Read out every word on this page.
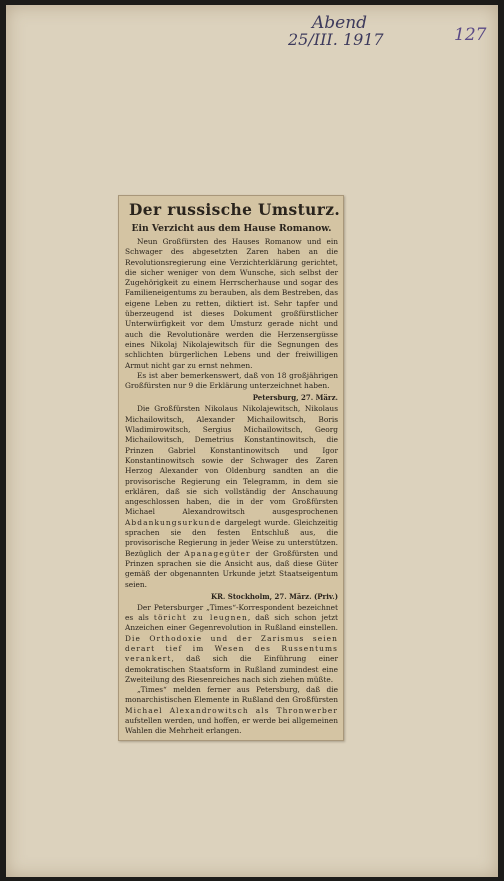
Abend
25/III. 1917	127
Der russische Umsturz.
Ein Verzicht aus dem Hause Romanow.

Neun Großfürsten des Hauses Romanow und ein Schwager des abgesetzten Zaren haben an die Revolutionsregierung eine Verzichterklärung gerichtet, die sicher weniger von dem Wunsche, sich selbst der Zugehörigkeit zu einem Herrscherhause und sogar des Familieneigentums zu berauben, als dem Bestreben, das eigene Leben zu retten, diktiert ist. Sehr tapfer und überzeugend ist dieses Dokument großfürstlicher Unterwürfigkeit vor dem Umsturz gerade nicht und auch die Revolutionäre werden die Herzensergüsse eines Nikolaj Nikolajewitsch für die Segnungen des schlichten bürgerlichen Lebens und der freiwilligen Armut nicht gar zu ernst nehmen.

Es ist aber bemerkenswert, daß von 18 großjährigen Großfürsten nur 9 die Erklärung unterzeichnet haben.

Petersburg, 27. März.

Die Großfürsten Nikolaus Nikolajewitsch, Nikolaus Michailowitsch, Alexander Michailowitsch, Boris Wladimirowitsch, Sergius Michailowitsch, Georg Michailowitsch, Demetrius Konstantinowitsch, die Prinzen Gabriel Konstantinowitsch und Igor Konstantinowitsch sowie der Schwager des Zaren Herzog Alexander von Oldenburg sandten an die provisorische Regierung ein Telegramm, in dem sie erklären, daß sie sich vollständig der Anschauung angeschlossen haben, die in der vom Großfürsten Michael Alexandrowitsch ausgesprochenen Abdankungsurkunde dargelegt wurde. Gleichzeitig sprachen sie den festen Entschluß aus, die provisorische Regierung in jeder Weise zu unterstützen. Bezüglich der Apanagegüter der Großfürsten und Prinzen sprachen sie die Ansicht aus, daß diese Güter gemäß der obgenannten Urkunde jetzt Staatseigentum seien.

KR. Stockholm, 27. März. (Priv.)

Der Petersburger „Times“-Korrespondent bezeichnet es als töricht zu leugnen, daß sich schon jetzt Anzeichen einer Gegenrevolution in Rußland einstellen. Die Orthodoxie und der Zarismus seien derart tief im Wesen des Russentums verankert, daß sich die Einführung einer demokratischen Staatsform in Rußland zumindest eine Zweiteilung des Riesenreiches nach sich ziehen müßte.

„Times“ melden ferner aus Petersburg, daß die monarchistischen Elemente in Rußland den Großfürsten Michael Alexandrowitsch als Thronwerber aufstellen werden, und hoffen, er werde bei allgemeinen Wahlen die Mehrheit erlangen.
